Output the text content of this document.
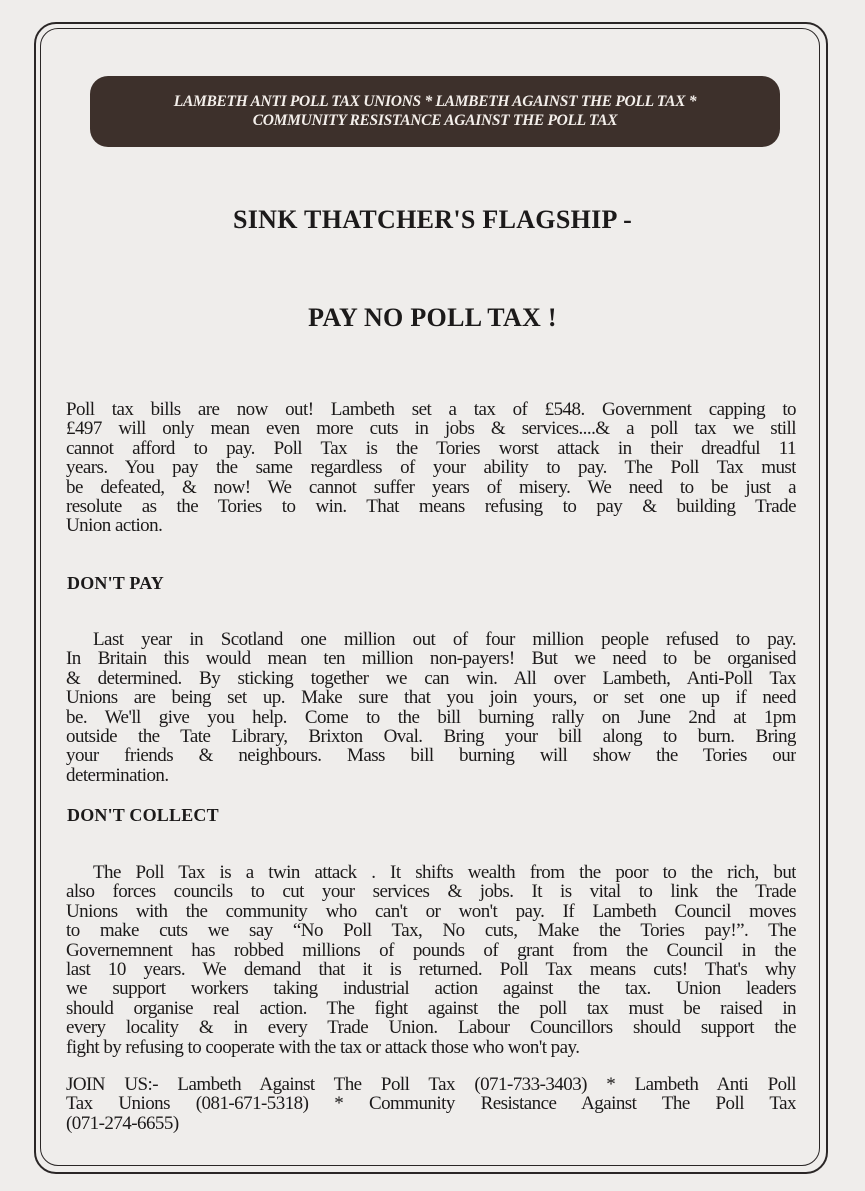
LAMBETH ANTI POLL TAX UNIONS * LAMBETH AGAINST THE POLL TAX *
COMMUNITY RESISTANCE AGAINST THE POLL TAX
SINK THATCHER'S FLAGSHIP -
PAY NO POLL TAX !
Poll tax bills are now out! Lambeth set a tax of £548. Government capping to
£497 will only mean even more cuts in jobs & services....& a poll tax we still
cannot afford to pay. Poll Tax is the Tories worst attack in their dreadful 11
years. You pay the same regardless of your ability to pay. The Poll Tax must
be defeated, & now! We cannot suffer years of misery. We need to be just a
resolute as the Tories to win. That means refusing to pay & building Trade
Union action.
DON'T PAY
Last year in Scotland one million out of four million people refused to pay.
In Britain this would mean ten million non-payers! But we need to be organised
& determined. By sticking together we can win. All over Lambeth, Anti-Poll Tax
Unions are being set up. Make sure that you join yours, or set one up if need
be. We'll give you help. Come to the bill burning rally on June 2nd at 1pm
outside the Tate Library, Brixton Oval. Bring your bill along to burn. Bring
your friends & neighbours. Mass bill burning will show the Tories our
determination.
DON'T COLLECT
The Poll Tax is a twin attack . It shifts wealth from the poor to the rich, but
also forces councils to cut your services & jobs. It is vital to link the Trade
Unions with the community who can't or won't pay. If Lambeth Council moves
to make cuts we say “No Poll Tax, No cuts, Make the Tories pay!”. The
Governemnent has robbed millions of pounds of grant from the Council in the
last 10 years. We demand that it is returned. Poll Tax means cuts! That's why
we support workers taking industrial action against the tax. Union leaders
should organise real action. The fight against the poll tax must be raised in
every locality & in every Trade Union. Labour Councillors should support the
fight by refusing to cooperate with the tax or attack those who won't pay.
JOIN US:- Lambeth Against The Poll Tax (071-733-3403) * Lambeth Anti Poll
Tax Unions (081-671-5318) * Community Resistance Against The Poll Tax
(071-274-6655)
